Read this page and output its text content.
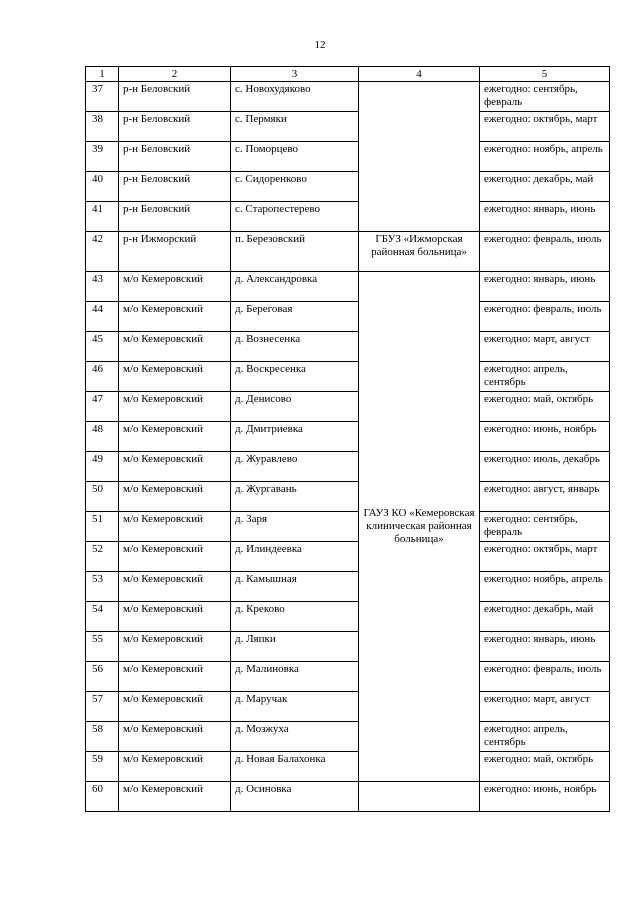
12
1	2	3	4	5
37	р-н Беловский	с. Новохудяково		ежегодно: сентябрь, февраль
38	р-н Беловский	с. Пермяки		ежегодно: октябрь, март
39	р-н Беловский	с. Поморцево		ежегодно: ноябрь, апрель
40	р-н Беловский	с. Сидоренково		ежегодно: декабрь, май
41	р-н Беловский	с. Старопестерево		ежегодно: январь, июнь
42	р-н Ижморский	п. Березовский	ГБУЗ «Ижморская районная больница»	ежегодно: февраль, июль
43	м/о Кемеровский	д. Александровка	ГАУЗ КО «Кемеровская клиническая районная больница»	ежегодно: январь, июнь
44	м/о Кемеровский	д. Береговая		ежегодно: февраль, июль
45	м/о Кемеровский	д. Вознесенка		ежегодно: март, август
46	м/о Кемеровский	д. Воскресенка		ежегодно: апрель, сентябрь
47	м/о Кемеровский	д. Денисово		ежегодно: май, октябрь
48	м/о Кемеровский	д. Дмитриевка		ежегодно: июнь, ноябрь
49	м/о Кемеровский	д. Журавлево		ежегодно: июль, декабрь
50	м/о Кемеровский	д. Жургавань		ежегодно: август, январь
51	м/о Кемеровский	д. Заря		ежегодно: сентябрь, февраль
52	м/о Кемеровский	д. Илиндеевка		ежегодно: октябрь, март
53	м/о Кемеровский	д. Камышная		ежегодно: ноябрь, апрель
54	м/о Кемеровский	д. Креково		ежегодно: декабрь, май
55	м/о Кемеровский	д. Ляпки		ежегодно: январь, июнь
56	м/о Кемеровский	д. Малиновка		ежегодно: февраль, июль
57	м/о Кемеровский	д. Маручак		ежегодно: март, август
58	м/о Кемеровский	д. Мозжуха		ежегодно: апрель, сентябрь
59	м/о Кемеровский	д. Новая Балахонка		ежегодно: май, октябрь
60	м/о Кемеровский	д. Осиновка		ежегодно: июнь, ноябрь
